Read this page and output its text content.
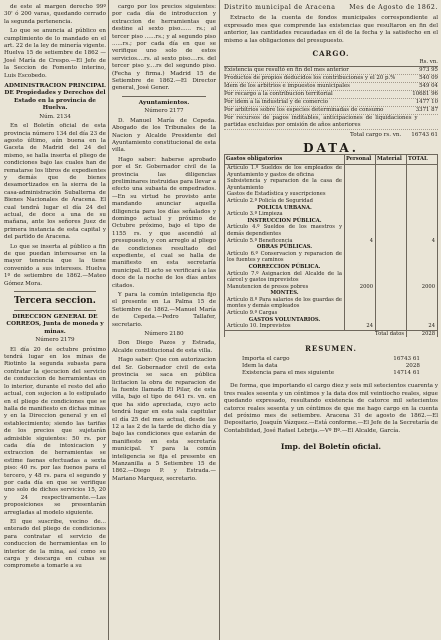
de este al margen derecho 99º 30' ó 200 varas, quedando cerrado la segunda pertenencia.

Lo que se anuncia al público en cumplimiento de lo mandado en el art. 22 de la ley de minería vigente. Huelva 15 de setiembre de 1862 —José María de Crespo.—El Jefe de la Seccion de Fomento interino, Luis Escobedo.

ADMINISTRACION PRINCIPAL DE Propiedades y Derechos del Estado en la provincia de Huelva.

Núm. 2134

En el Boletín oficial de esta provincia número 134 del día 23 de agosto último, aún buena en la Gaceta de Madrid del 24 del mismo, se halla inserta el pliego de condiciones bajo las cuales han de rematarse los libros de expedientes y demás que de bienes desamortizados en la sierra de la casa-administración Subalterna de Bienes Nacionales de Aracena. El cual tendrá lugar el día 24 del actual, de doce a una de su mañana, ante los señores Juez de primera instancia de esta capital y del partido de Aracena.

Lo que se inserta al público a fin de que puedan interesarse en la mayor tenencia que la tiene convenido a sus intereses. Huelva 1º de setiembre de 1862.—Mateo Gómez Mora.

Tercera seccion.
DIRECCION GENERAL DE CORREOS, Junta de moneda y minas.

Número 2179

El día 20 de octubre próximo tendrá lugar en los minas de Riotinto la segunda subasta para contratar la ejecucion del servicio de conduccion de herramientas en lo interior, durante el resto del año actual, con sujecion a lo estipulado en el pliego de condiciones que se halla de manifiesto en dichas minas y en la Direccion general y en el establecimiento; siendo las tarifas de los precios que sujetarán admisible siguientes: 50 rs. por cada día de intoxicacion y extraccion de herramientas se estime faenas efectuadas a sexta piso: 40 rs. por las fuenos para el tercero, y 48 rs. para el segundo y por cada día en que se verifique uno solo de dichos servicios 15, 20 y 24 respectivamente.—Las proposiciones se presentarán arregladas al modelo siguiente.

El que suscribe, vecino de... enterado del pliego de condiciones para contratar el servicio de conduccion de herramientas en lo interior de la mina, así como su carga y descarga en cubas se compromete a tomarle a su

cargo por los precios siguientes: por cada día de introduccion y extraccion de herramientas que destine al sexto piso...... rs.; al tercer piso ......rs.; y al segundo piso ......rs.; por cada día en que se verifique uno solo de estos servicios....rs. al sexto piso....rs. del tercer piso y....rs del segundo piso. (Fecha y firma.) Madrid 15 de Setiembre de 1862.—El Director general, José Gener.

Ayuntamientos.

Número 2177

D. Manuel María de Cepeda. Abogado de los Tribunales de la Nacion y Alcalde Presidente del Ayuntamiento constitucional de esta villa.

Hago saber: haberse aprobado por el Sr. Gobernador civil de la provincia las diligencias preliminares instruidas para llevar a efecto una subasta de empedrados.—En su virtud he provisto ante mandando anunciar aquella diligencia para los días señalados y domingo actual y próximo de Octubre próximo, bajo el tipo de 1155 rs. y que ascendió al presupuesto, y con arreglo al pliego de condiciones resultado del expediente, el cual se halla de manifiesto en esta secretaría municipal. El acto se verificará a las doce de la noche de los días antes citados.

Y para la común inteligencia fijo el presente en La Palma 15 de Setiembre de 1862.—Manuel María de Cepeda.—Pedro Tallafer, secretario.

Número 2180

Don Diego Pazos y Estrada, Alcalde constitucional de esta villa.

Hago saber: Que con autorizacion del Sr. Gobernador civil de esta provincia se saca en pública licitacion la obra de reparacion de la fuente llamada El Pilar, de esta villa, bajo el tipo de 641 rs. vn. en que ha sido apreciada, cuyo acto tendrá lugar en esta sala capitular el día 25 del mes actual, desde las 12 a las 2 de la tarde de dicho día y bajo las condiciones que estarán de manifiesto en esta secretaría municipal. Y para la común inteligencia se fija el presente en Manzanilla a 5 Setiembre 15 de 1862.—Diego P. y Estrada.—Mariano Marquez, secretario.

Distrito municipal de Aracena Mes de Agosto de 1862.

Extracto de la cuenta de fondos municipales correspondiente al expresado mes que comprende las existencias que resultaron en fin del anterior, las cantidades recaudadas en él de la fecha y la satisfecho en el mismo a las obligaciones del presupuesto.

CARGO.
Rs. vn.
Existencia que resultó en fin del mes anterior	973 95
Productos de propios deducidos los contribuciones y el 20 p.%	540 09
Idem de los arbitrios e impuestos municipales	549 04
Por recargo a la contribucion territorial	10681 96
Por idem a la industrial y de comercio	1477 10
Por arbitrios sobre los especies determinadas de consumo	3371 87
Por recursos de pagos inditables, anticipaciones de liquidaciones y partidas excluidas por omisión de años anteriores
Total cargo rs. vn. 16743 61
DATA.
Gastos obligatorios	Personal	Material	TOTAL
Artículo 1.º Sueldos de los empleados de Ayuntamiento y gastos de oficina			
Subsistencia y reparacion de la casa de Ayuntamiento			
Gastos de Estadística y suscripciones			
Artículo 2.º Policía de Seguridad			
POLICIA URBANA.			
Artículo 3.º Limpieza			
INSTRUCCION PÚBLICA.			
Artículo 4.º Sueldos de los maestros y demás dependientes			
Artículo 5.º Beneficencia	4		4
OBRAS PÚBLICAS.			
Artículo 6.º Conservacion y reparacion de los fuentes y caminos			
CORRECCION PÚBLICA.			
Artículo 7.º Asignacion del Alcalde de la cárcel y gastos imprevistos			
Manutencion de presos pobres	2000		2000
MONTES.			
Artículo 8.º Para salarios de los guardas de montes y demás empleados			
Artículo 9.º Cargas			
GASTOS VOLUNTARIOS.			
Artículo 10. Imprevistos	24		24
Total datos			2028
RESUMEN.
Importa el cargo	16743 61
Idem la data	2028
Existencia para el mes siguiente	14714 61

De forma, que importando el cargo diez y seis mil setecientos cuarenta y tres reales sesenta y un céntimos y la data dos mil veintiocho reales, sigue quedando expresado, resultando existencia de catorce mil setecientos catorce reales sesenta y un céntimos de que me hago cargo en la cuenta del próximo mes de setiembre. Aracena 31 de agosto de 1862.—El Depositario, Joaquín Vázquez.—Está conforme.—El Jefe de la Secretaría de Contabilidad, José Rafael Lebrija.—Vº Bº.—El Alcalde, García.

Imp. del Boletín oficial.
